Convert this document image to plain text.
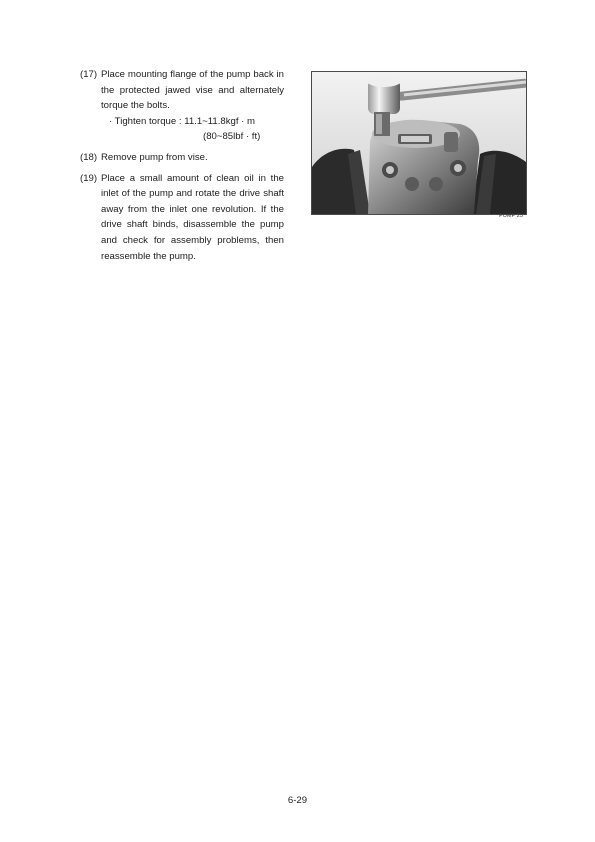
(17) Place mounting flange of the pump back in the protected jawed vise and alternately torque the bolts.
· Tighten torque : 11.1~11.8kgf · m
(80~85lbf · ft)
(18) Remove pump from vise.
(19) Place a small amount of clean oil in the inlet of the pump and rotate the drive shaft away from the inlet one revolution. If the drive shaft binds, disassemble the pump and check for assembly problems, then reassemble the pump.
PUMP 25
6-29
